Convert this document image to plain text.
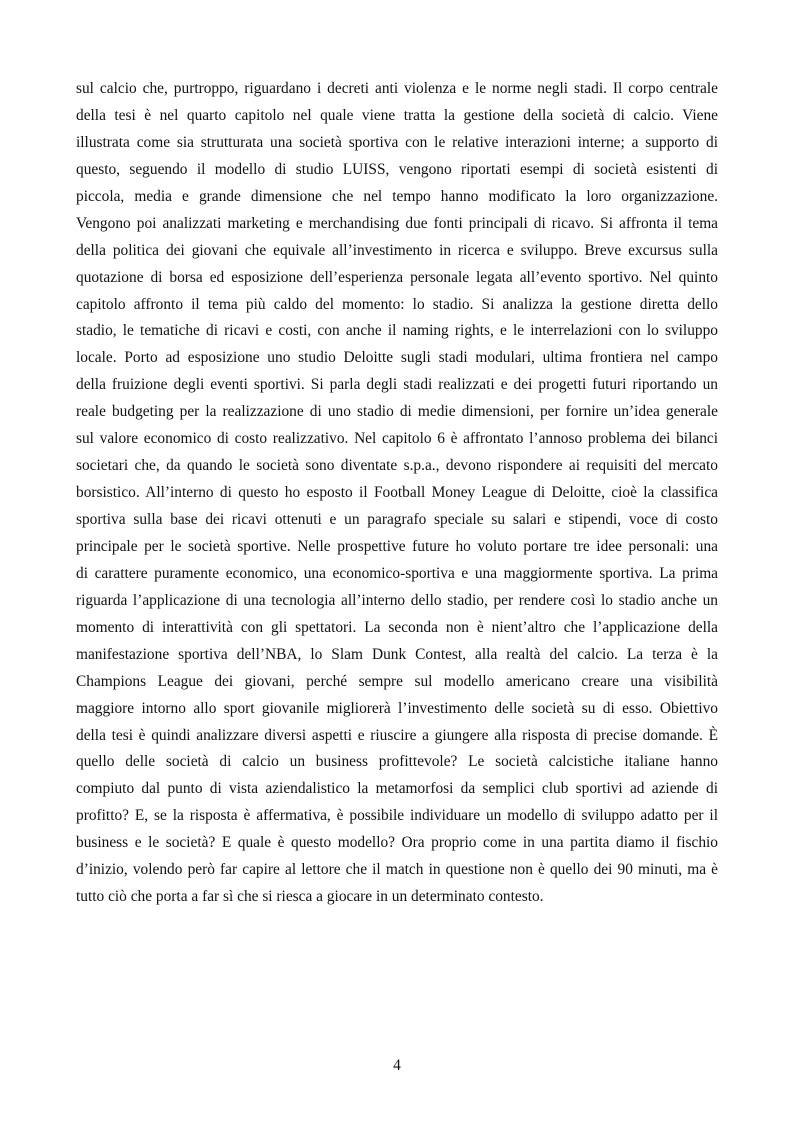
sul calcio che, purtroppo, riguardano i decreti anti violenza e le norme negli stadi. Il corpo centrale
della tesi è nel quarto capitolo nel quale viene tratta la gestione della società di calcio. Viene
illustrata come sia strutturata una società sportiva con le relative interazioni interne; a supporto di
questo, seguendo il modello di studio LUISS, vengono riportati esempi di società esistenti di
piccola, media e grande dimensione che nel tempo hanno modificato la loro organizzazione.
Vengono poi analizzati marketing e merchandising due fonti principali di ricavo. Si affronta il tema
della politica dei giovani che equivale all’investimento in ricerca e sviluppo. Breve excursus sulla
quotazione di borsa ed esposizione dell’esperienza personale legata all’evento sportivo. Nel quinto
capitolo affronto il tema più caldo del momento: lo stadio. Si analizza la gestione diretta dello
stadio, le tematiche di ricavi e costi, con anche il naming rights, e le interrelazioni con lo sviluppo
locale. Porto ad esposizione uno studio Deloitte sugli stadi modulari, ultima frontiera nel campo
della fruizione degli eventi sportivi. Si parla degli stadi realizzati e dei progetti futuri riportando un
reale budgeting per la realizzazione di uno stadio di medie dimensioni, per fornire un’idea generale
sul valore economico di costo realizzativo. Nel capitolo 6 è affrontato l’annoso problema dei bilanci
societari che, da quando le società sono diventate s.p.a., devono rispondere ai requisiti del mercato
borsistico. All’interno di questo ho esposto il Football Money League di Deloitte, cioè la classifica
sportiva sulla base dei ricavi ottenuti e un paragrafo speciale su salari e stipendi, voce di costo
principale per le società sportive. Nelle prospettive future ho voluto portare tre idee personali: una
di carattere puramente economico, una economico-sportiva e una maggiormente sportiva. La prima
riguarda l’applicazione di una tecnologia all’interno dello stadio, per rendere così lo stadio anche un
momento di interattività con gli spettatori. La seconda non è nient’altro che l’applicazione della
manifestazione sportiva dell’NBA, lo Slam Dunk Contest, alla realtà del calcio. La terza è la
Champions League dei giovani, perché sempre sul modello americano creare una visibilità
maggiore intorno allo sport giovanile migliorerà l’investimento delle società su di esso. Obiettivo
della tesi è quindi analizzare diversi aspetti e riuscire a giungere alla risposta di precise domande. È
quello delle società di calcio un business profittevole? Le società calcistiche italiane hanno
compiuto dal punto di vista aziendalistico la metamorfosi da semplici club sportivi ad aziende di
profitto? E, se la risposta è affermativa, è possibile individuare un modello di sviluppo adatto per il
business e le società? E quale è questo modello? Ora proprio come in una partita diamo il fischio
d’inizio, volendo però far capire al lettore che il match in questione non è quello dei 90 minuti, ma è
tutto ciò che porta a far sì che si riesca a giocare in un determinato contesto.
4
